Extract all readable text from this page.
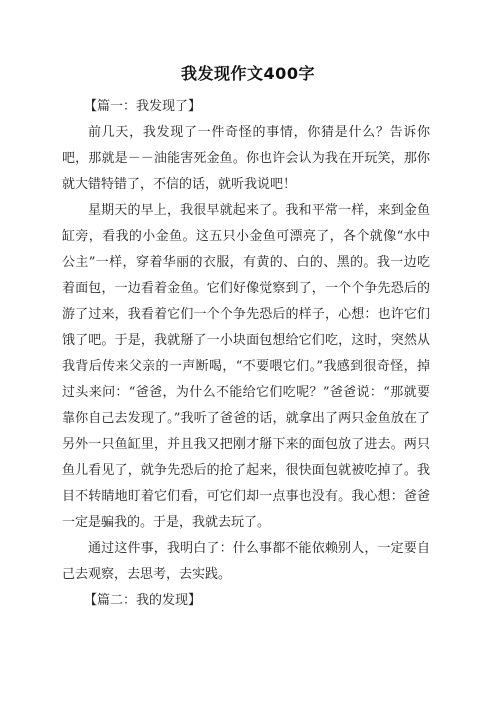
我发现作文400字

【篇一：我发现了】

前几天，我发现了一件奇怪的事情，你猜是什么？告诉你吧，那就是－－油能害死金鱼。你也许会认为我在开玩笑，那你就大错特错了，不信的话，就听我说吧！

星期天的早上，我很早就起来了。我和平常一样，来到金鱼缸旁，看我的小金鱼。这五只小金鱼可漂亮了，各个就像“水中公主”一样，穿着华丽的衣服，有黄的、白的、黑的。我一边吃着面包，一边看着金鱼。它们好像觉察到了，一个个争先恐后的游了过来，我看着它们一个个争先恐后的样子，心想：也许它们饿了吧。于是，我就掰了一小块面包想给它们吃，这时，突然从我背后传来父亲的一声断喝，“不要喂它们。”我感到很奇怪，掉过头来问：“爸爸，为什么不能给它们吃呢？”爸爸说：“那就要靠你自己去发现了。”我听了爸爸的话，就拿出了两只金鱼放在了另外一只鱼缸里，并且我又把刚才掰下来的面包放了进去。两只鱼儿看见了，就争先恐后的抢了起来，很快面包就被吃掉了。我目不转睛地盯着它们看，可它们却一点事也没有。我心想：爸爸一定是骗我的。于是，我就去玩了。

通过这件事，我明白了：什么事都不能依赖别人，一定要自己去观察，去思考，去实践。

【篇二：我的发现】
